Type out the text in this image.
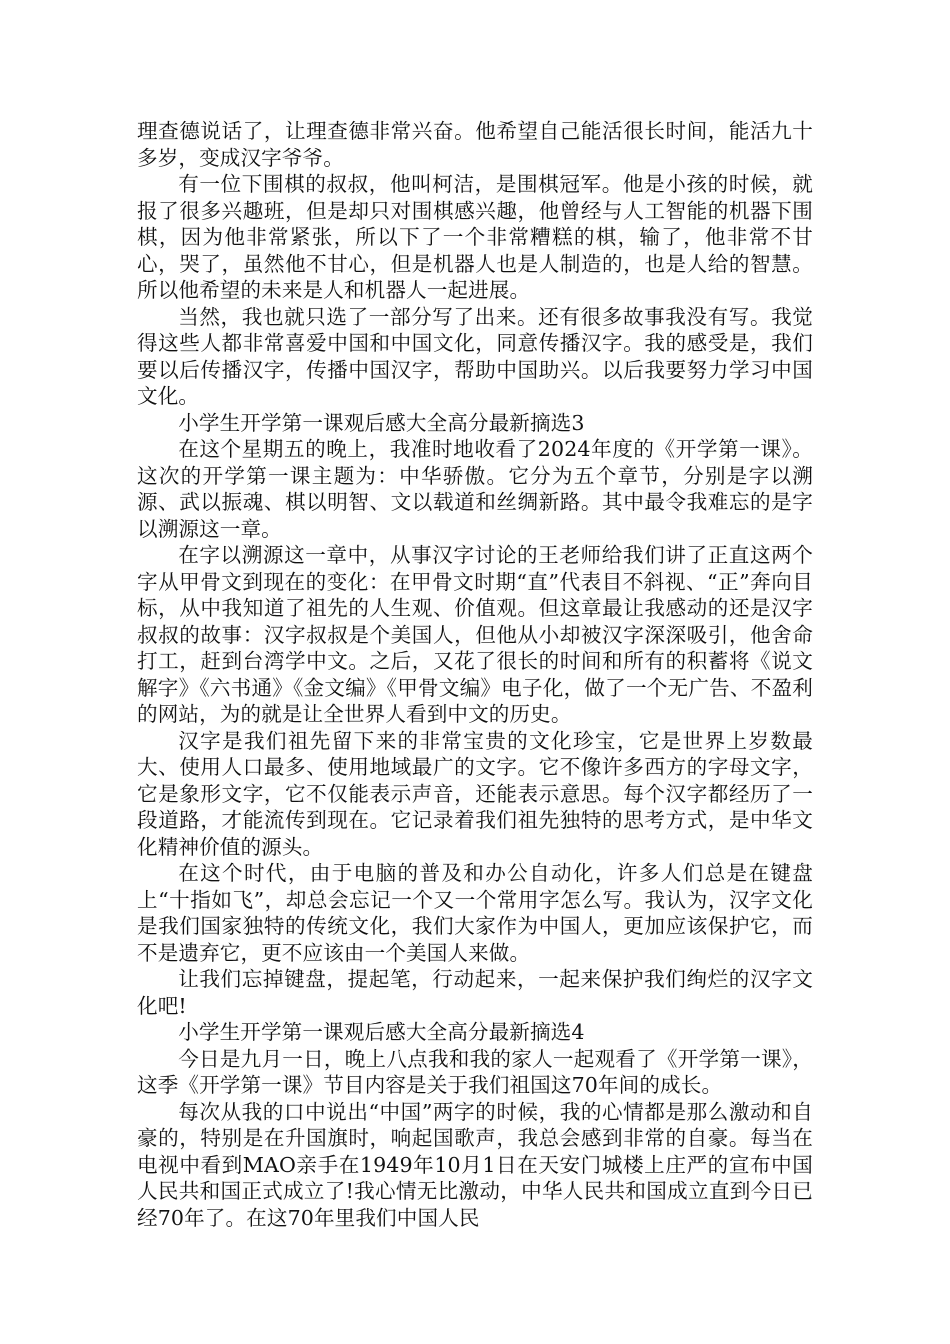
理查德说话了，让理查德非常兴奋。他希望自己能活很长时间，能活九十多岁，变成汉字爷爷。

有一位下围棋的叔叔，他叫柯洁，是围棋冠军。他是小孩的时候，就报了很多兴趣班，但是却只对围棋感兴趣，他曾经与人工智能的机器下围棋，因为他非常紧张，所以下了一个非常糟糕的棋，输了，他非常不甘心，哭了，虽然他不甘心，但是机器人也是人制造的，也是人给的智慧。所以他希望的未来是人和机器人一起进展。

当然，我也就只选了一部分写了出来。还有很多故事我没有写。我觉得这些人都非常喜爱中国和中国文化，同意传播汉字。我的感受是，我们要以后传播汉字，传播中国汉字，帮助中国助兴。以后我要努力学习中国文化。

小学生开学第一课观后感大全高分最新摘选3

在这个星期五的晚上，我准时地收看了2024年度的《开学第一课》。这次的开学第一课主题为：中华骄傲。它分为五个章节，分别是字以溯源、武以振魂、棋以明智、文以载道和丝绸新路。其中最令我难忘的是字以溯源这一章。

在字以溯源这一章中，从事汉字讨论的王老师给我们讲了正直这两个字从甲骨文到现在的变化：在甲骨文时期“直”代表目不斜视、“正”奔向目标，从中我知道了祖先的人生观、价值观。但这章最让我感动的还是汉字叔叔的故事：汉字叔叔是个美国人，但他从小却被汉字深深吸引，他舍命打工，赶到台湾学中文。之后，又花了很长的时间和所有的积蓄将《说文解字》《六书通》《金文编》《甲骨文编》电子化，做了一个无广告、不盈利的网站，为的就是让全世界人看到中文的历史。

汉字是我们祖先留下来的非常宝贵的文化珍宝，它是世界上岁数最大、使用人口最多、使用地域最广的文字。它不像许多西方的字母文字，它是象形文字，它不仅能表示声音，还能表示意思。每个汉字都经历了一段道路，才能流传到现在。它记录着我们祖先独特的思考方式，是中华文化精神价值的源头。

在这个时代，由于电脑的普及和办公自动化，许多人们总是在键盘上“十指如飞”，却总会忘记一个又一个常用字怎么写。我认为，汉字文化是我们国家独特的传统文化，我们大家作为中国人，更加应该保护它，而不是遗弃它，更不应该由一个美国人来做。

让我们忘掉键盘，提起笔，行动起来，一起来保护我们绚烂的汉字文化吧!

小学生开学第一课观后感大全高分最新摘选4

今日是九月一日，晚上八点我和我的家人一起观看了《开学第一课》，这季《开学第一课》节目内容是关于我们祖国这70年间的成长。

每次从我的口中说出“中国”两字的时候，我的心情都是那么激动和自豪的，特别是在升国旗时，响起国歌声，我总会感到非常的自豪。每当在电视中看到MAO亲手在1949年10月1日在天安门城楼上庄严的宣布中国人民共和国正式成立了!我心情无比激动，中华人民共和国成立直到今日已经70年了。在这70年里我们中国人民
